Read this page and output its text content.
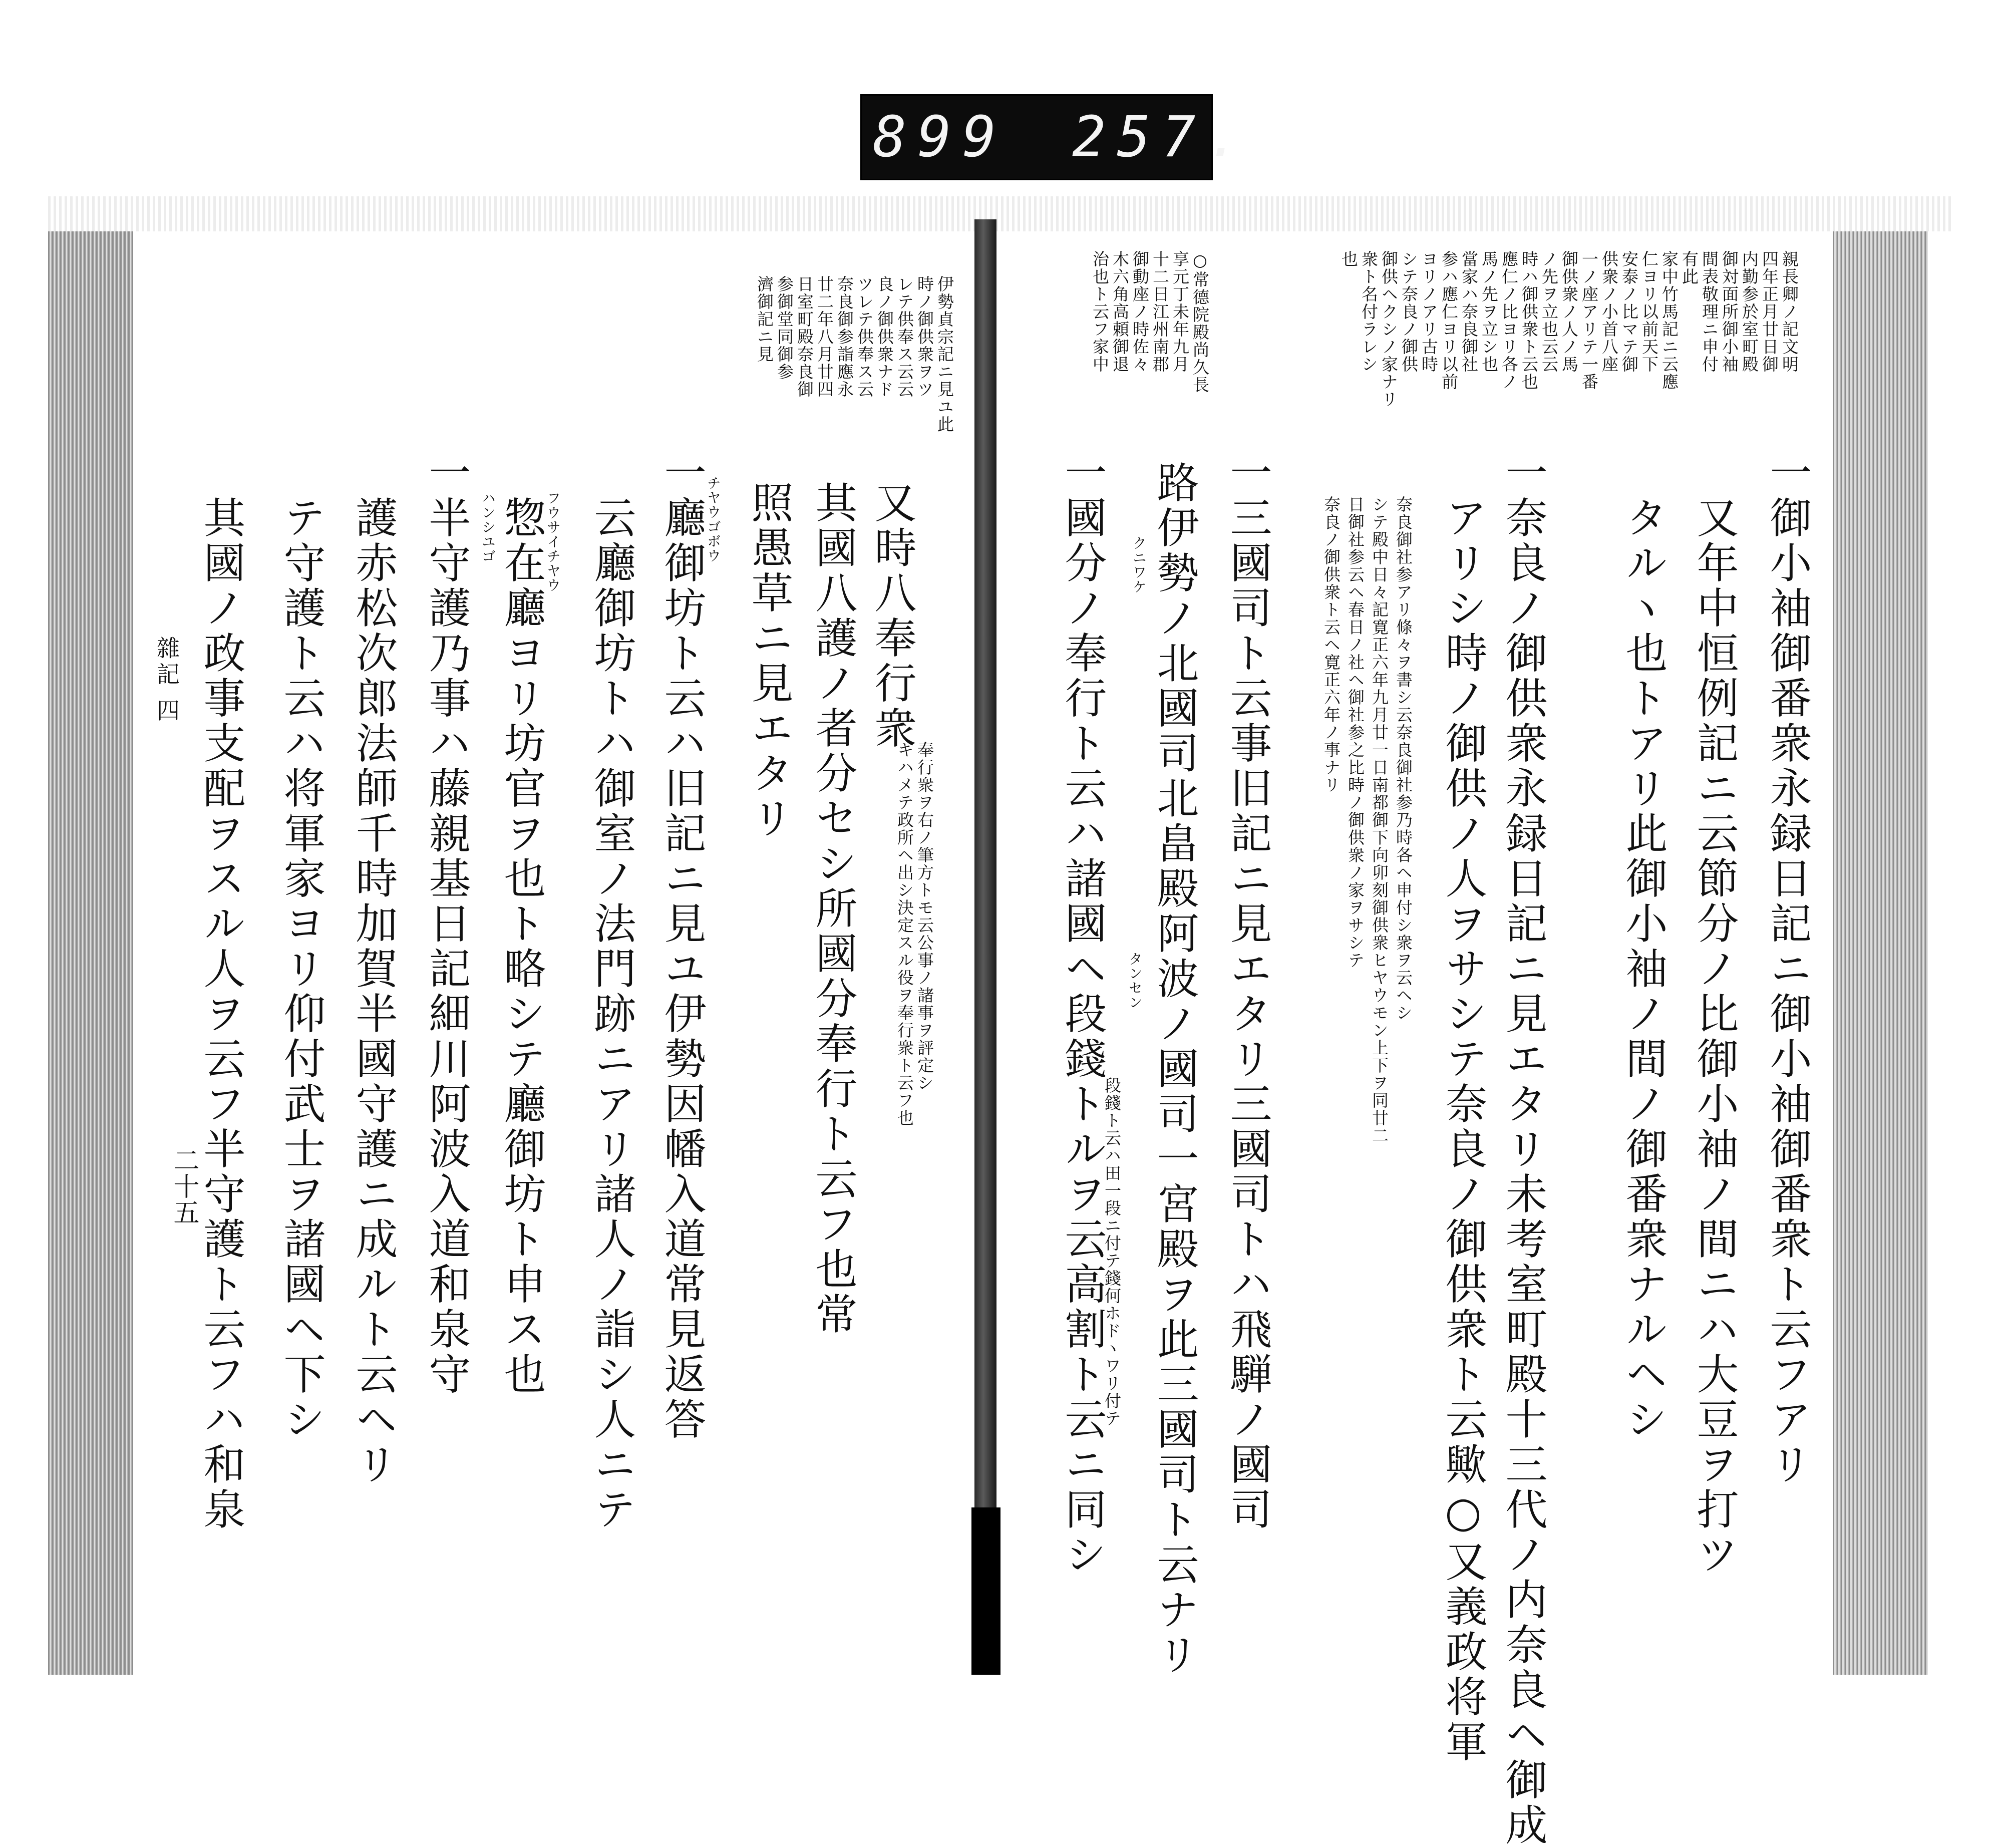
899 257.
親長卿ノ記文明
四年正月廿日御
内勤参於室町殿
御対面所御小袖
間表敬理ニ申付
有此
家中竹馬記ニ云應
仁ヨリ以前天下
安泰ノ比マテ御
供衆ノ小首八座
一ノ座アリテ一番
御供衆ノ人ノ馬
ノ先ヲ立也云云
時ハ御供衆ト云也
應仁ノ比ヨリ各ノ
馬ノ先ヲ立シ也
當家ハ奈良御社
参ハ應仁ヨリ以前
ヨリノアリ古時
シテ奈良ノ御供
御供ヘクシノ家ナリ
衆ト名付ラレシ
也
○常德院殿尚久長
享元丁未年九月
十二日江州南郡
御動座ノ時佐々
木六角高頼御退
治也ト云フ家中
一御小袖御番衆永録日記ニ御小袖御番衆ト云フアリ
又年中恒例記ニ云節分ノ比御小袖ノ間ニハ大豆ヲ打ツ
タルヽ也トアリ此御小袖ノ間ノ御番衆ナルヘシ
一奈良ノ御供衆永録日記ニ見エタリ未考室町殿十三代ノ内奈良ヘ御成
アリシ時ノ御供ノ人ヲサシテ奈良ノ御供衆ト云歟○又義政将軍
奈良御社参アリ條々ヲ書シ云奈良御社参乃時各ヘ申付シ衆ヲ云ヘシ
シテ殿中日々記寛正六年九月廿一日南都御下向卯刻御供衆ヒヤウモン上下ヲ同廿二
日御社参云ヘ春日ノ社ヘ御社参之比時ノ御供衆ノ家ヲサシテ
奈良ノ御供衆ト云ヘ寛正六年ノ事ナリ
一三國司ト云事旧記ニ見エタリ三國司トハ飛騨ノ國司
路伊勢ノ北國司北畠殿阿波ノ國司一宮殿ヲ此三國司ト云ナリ
クニワケ
一國分ノ奉行ト云ハ諸國ヘ段錢トルヲ云高割ト云ニ同シ タンセン
段錢ト云ハ田一段ニ付テ錢何ホドヽワリ付テ
伊勢貞宗記ニ見ユ此
時ノ御供衆ヲツ
レテ供奉ス云云
良ノ御供衆ナド
ツレテ供奉ス云
奈良御参詣應永
廿二年八月廿四
日室町殿奈良御
参御堂同御参
濟御記ニ見
又時八奉行衆
奉行衆ヲ右ノ筆方トモ云公事ノ諸事ヲ評定シ
キハメテ政所ヘ出シ決定スル役ヲ奉行衆ト云フ也
其國八護ノ者分セシ所國分奉行ト云フ也常
照愚草ニ見エタリ
一廳御坊ト云ハ旧記ニ見ユ伊勢因幡入道常見返答
チヤウゴボウ
云廳御坊トハ御室ノ法門跡ニアリ諸人ノ詣シ人ニテ
フウサイチヤウ
惣在廳ヨリ坊官ヲ也ト略シテ廳御坊ト申ス也
ハンシユゴ
一半守護乃事ハ藤親基日記細川阿波入道和泉守
護赤松次郎法師千時加賀半國守護ニ成ルト云ヘリ
テ守護ト云ハ将軍家ヨリ仰付武士ヲ諸國ヘ下シ
其國ノ政事支配ヲスル人ヲ云フ半守護ト云フハ和泉
雜記 四
二十五
